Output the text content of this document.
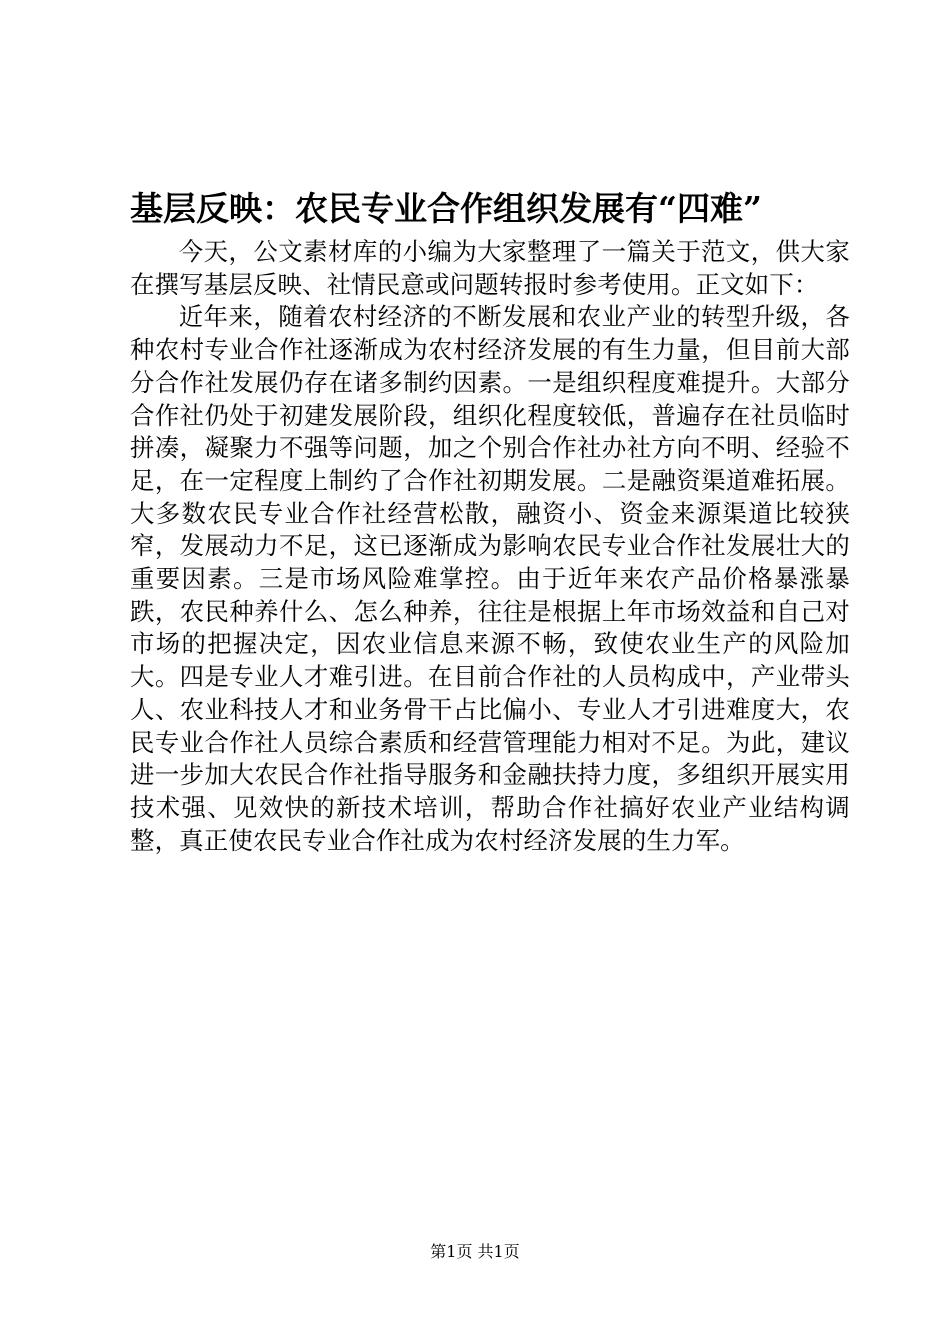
基层反映：农民专业合作组织发展有“四难”

今天，公文素材库的小编为大家整理了一篇关于范文，供大家在撰写基层反映、社情民意或问题转报时参考使用。正文如下：

近年来，随着农村经济的不断发展和农业产业的转型升级，各种农村专业合作社逐渐成为农村经济发展的有生力量，但目前大部分合作社发展仍存在诸多制约因素。一是组织程度难提升。大部分合作社仍处于初建发展阶段，组织化程度较低，普遍存在社员临时拼凑，凝聚力不强等问题，加之个别合作社办社方向不明、经验不足，在一定程度上制约了合作社初期发展。二是融资渠道难拓展。大多数农民专业合作社经营松散，融资小、资金来源渠道比较狭窄，发展动力不足，这已逐渐成为影响农民专业合作社发展壮大的重要因素。三是市场风险难掌控。由于近年来农产品价格暴涨暴跌，农民种养什么、怎么种养，往往是根据上年市场效益和自己对市场的把握决定，因农业信息来源不畅，致使农业生产的风险加大。四是专业人才难引进。在目前合作社的人员构成中，产业带头人、农业科技人才和业务骨干占比偏小、专业人才引进难度大，农民专业合作社人员综合素质和经营管理能力相对不足。为此，建议进一步加大农民合作社指导服务和金融扶持力度，多组织开展实用技术强、见效快的新技术培训，帮助合作社搞好农业产业结构调整，真正使农民专业合作社成为农村经济发展的生力军。

第1页 共1页
